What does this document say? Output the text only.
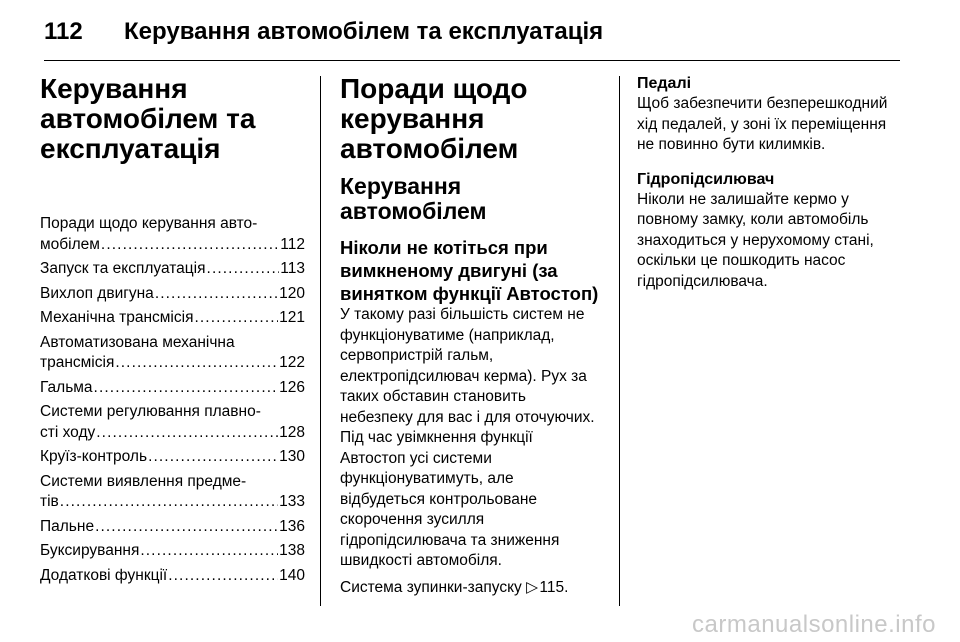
112 Керування автомобілем та експлуатація
Керування
автомобілем та
експлуатація
Поради щодо керування авто-
мобілем . . .	112
Запуск та експлуатація . . .	113
Вихлоп двигуна . . .	120
Механічна трансмісія . . .	121
Автоматизована механічна
трансмісія . . .	122
Гальма . . .	126
Системи регулювання плавно-
сті ходу . . .	128
Круїз-контроль . . .	130
Системи виявлення предме-
тів . . .	133
Пальне . . .	136
Буксирування . . .	138
Додаткові функції . . .	140
Поради щодо
керування
автомобілем
Керування автомобілем
Ніколи не котіться при
вимкненому двигуні (за
винятком функції Автостоп)
У такому разі більшість систем не
функціонуватиме (наприклад,
сервопристрій гальм,
електропідсилювач керма). Рух за
таких обставин становить
небезпеку для вас і для оточуючих.
Під час увімкнення функції
Автостоп усі системи
функціонуватимуть, але
відбудеться контрольоване
скорочення зусилля
гідропідсилювача та зниження
швидкості автомобіля.
Система зупинки-запуску ▷ 115.
Педалі
Щоб забезпечити безперешкодний
хід педалей, у зоні їх переміщення
не повинно бути килимків.
Гідропідсилювач
Ніколи не залишайте кермо у
повному замку, коли автомобіль
знаходиться у нерухомому стані,
оскільки це пошкодить насос
гідропідсилювача.
carmanualsonline.info
